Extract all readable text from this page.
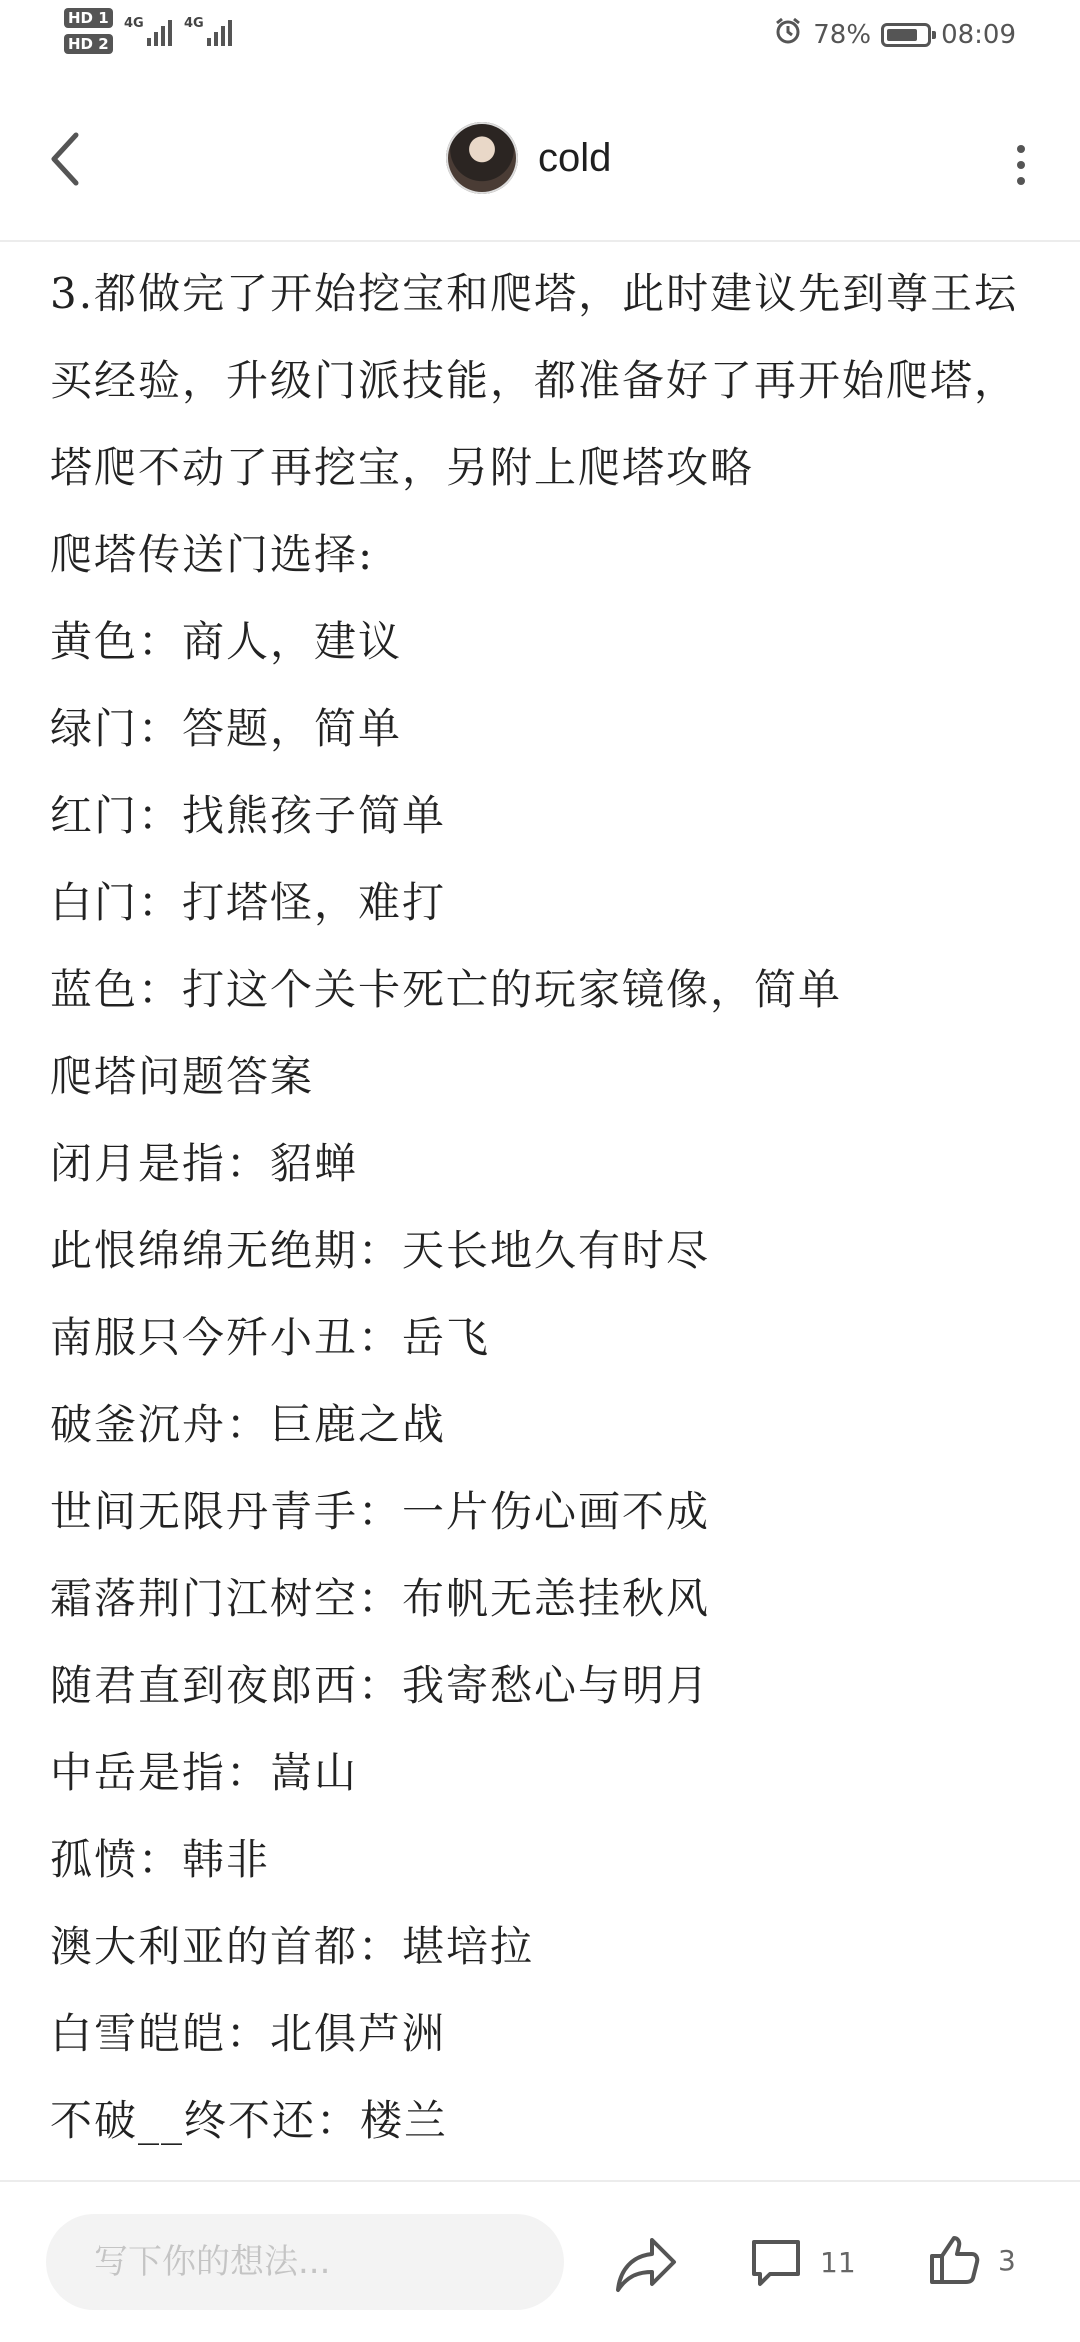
HD 1
HD 2
4G	4G	78%	08:09
cold

3.都做完了开始挖宝和爬塔，此时建议先到尊王坛买经验，升级门派技能，都准备好了再开始爬塔，塔爬不动了再挖宝，另附上爬塔攻略

爬塔传送门选择:
黄色：商人，建议
绿门：答题，简单
红门：找熊孩子简单
白门：打塔怪，难打
蓝色：打这个关卡死亡的玩家镜像，简单
爬塔问题答案
闭月是指：貂蝉
此恨绵绵无绝期：天长地久有时尽
南服只今歼小丑：岳飞
破釜沉舟：巨鹿之战
世间无限丹青手：一片伤心画不成
霜落荆门江树空：布帆无恙挂秋风
随君直到夜郎西：我寄愁心与明月
中岳是指：嵩山
孤愤：韩非
澳大利亚的首都：堪培拉
白雪皑皑：北俱芦洲
不破__终不还：楼兰
写下你的想法...
11	3
